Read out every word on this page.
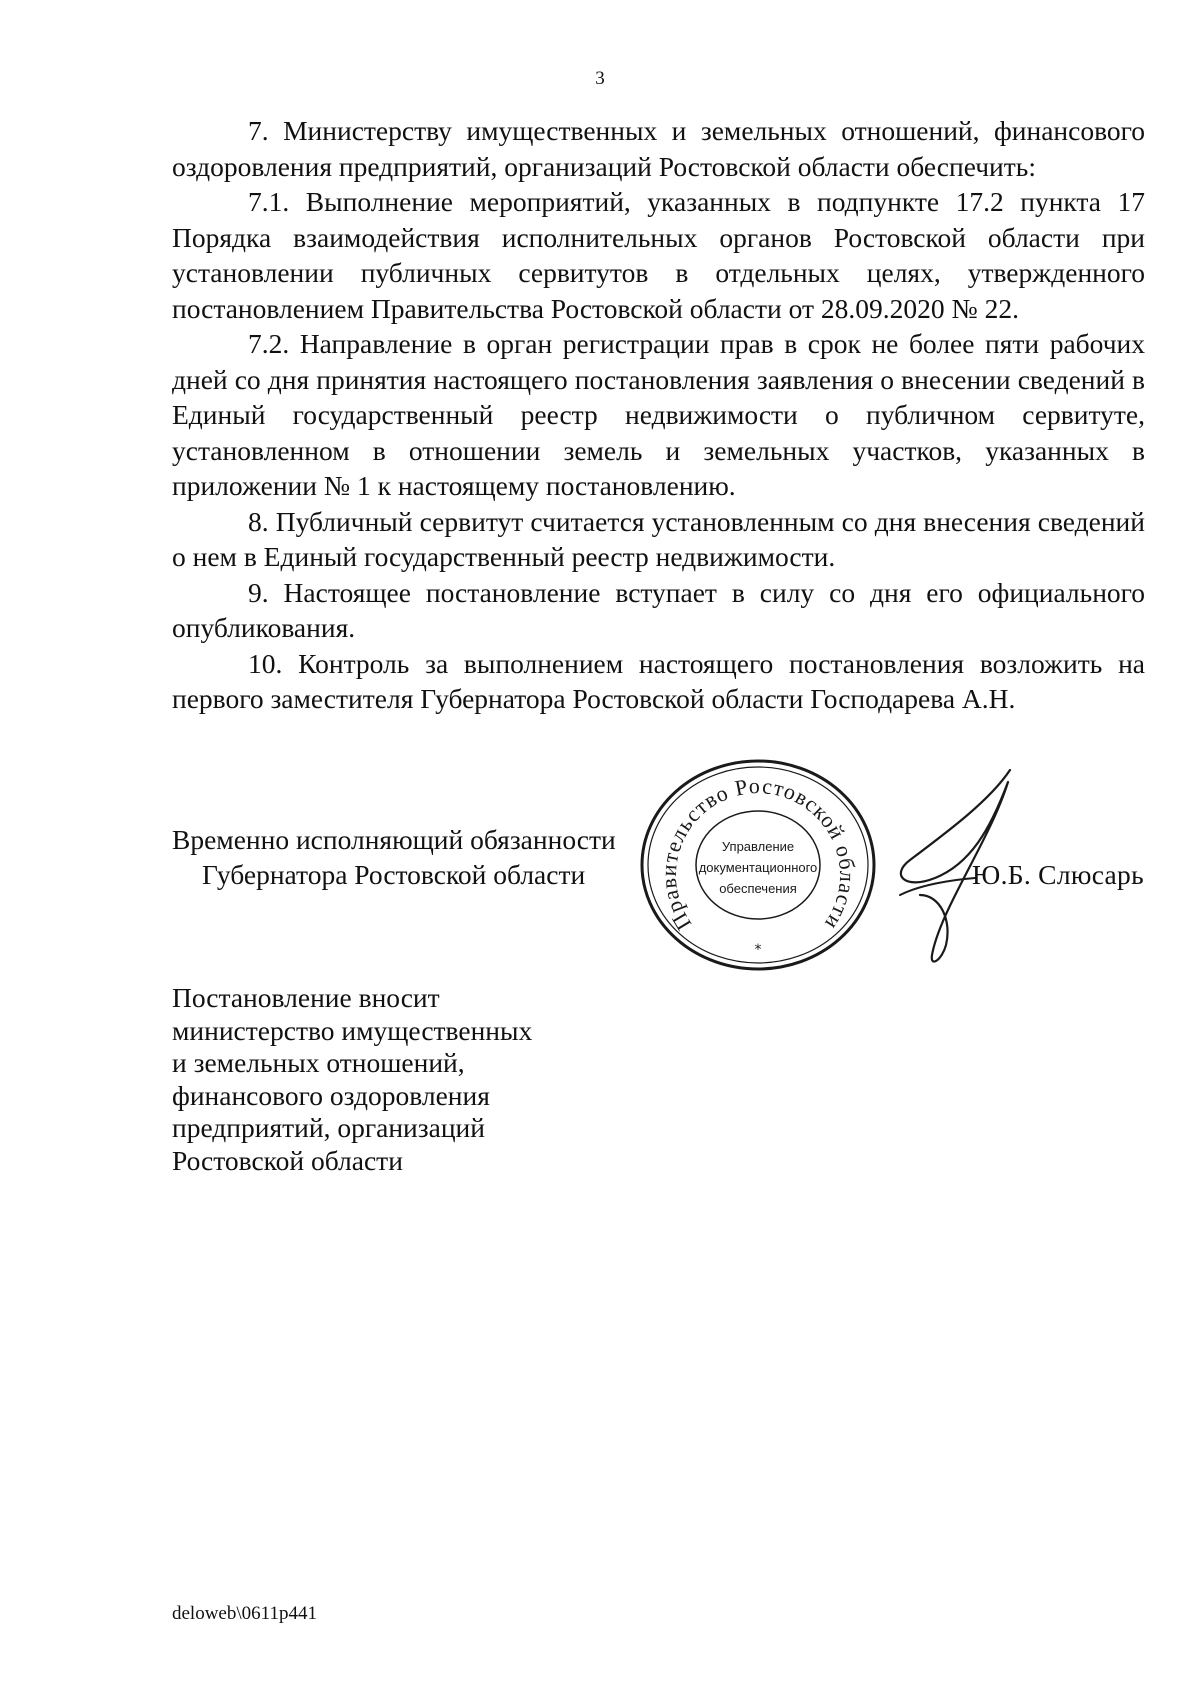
3

7. Министерству имущественных и земельных отношений, финансового оздоровления предприятий, организаций Ростовской области обеспечить:

7.1. Выполнение мероприятий, указанных в подпункте 17.2 пункта 17 Порядка взаимодействия исполнительных органов Ростовской области при установлении публичных сервитутов в отдельных целях, утвержденного постановлением Правительства Ростовской области от 28.09.2020 № 22.

7.2. Направление в орган регистрации прав в срок не более пяти рабочих дней со дня принятия настоящего постановления заявления о внесении сведений в Единый государственный реестр недвижимости о публичном сервитуте, установленном в отношении земель и земельных участков, указанных в приложении № 1 к настоящему постановлению.

8. Публичный сервитут считается установленным со дня внесения сведений о нем в Единый государственный реестр недвижимости.

9. Настоящее постановление вступает в силу со дня его официального опубликования.

10. Контроль за выполнением настоящего постановления возложить на первого заместителя Губернатора Ростовской области Господарева А.Н.

Временно исполняющий обязанности
Губернатора Ростовской области
Правительство Ростовской области
Управление
документационного
обеспечения
*
Ю.Б. Слюсарь
Постановление вносит
министерство имущественных
и земельных отношений,
финансового оздоровления
предприятий, организаций
Ростовской области
deloweb\0611p441
